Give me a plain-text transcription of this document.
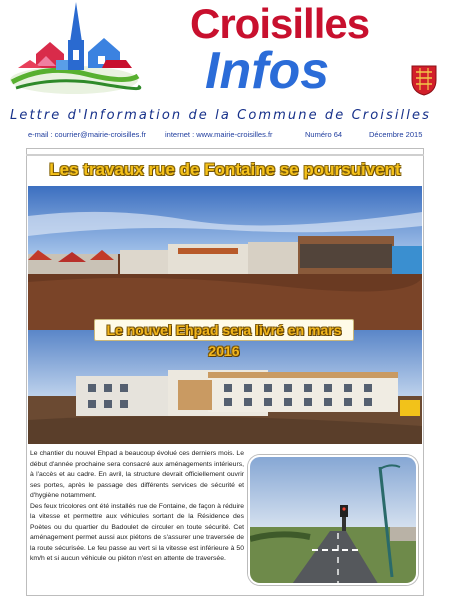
Croisilles
Infos
Lettre d'Information de la Commune de Croisilles
e-mail : courrier@mairie-croisilles.fr	internet : www.mairie-croisilles.fr	Numéro 64	Décembre 2015
Les travaux rue de Fontaine se poursuivent
Le nouvel Ehpad sera livré en mars 2016

Le chantier du nouvel Ehpad a beaucoup évolué ces derniers mois. Le début d'année prochaine sera consacré aux aménagements intérieurs, à l'accès et au cadre. En avril, la structure devrait officiellement ouvrir ses portes, après le passage des différents services de sécurité et d'hygiène notamment.

Des feux tricolores ont été installés rue de Fontaine, de façon à réduire la vitesse et permettre aux véhicules sortant de la Résidence des Poètes ou du quartier du Badoulet de circuler en toute sécurité. Cet aménagement permet aussi aux piétons de s'assurer une traversée de la route sécurisée. Le feu passe au vert si la vitesse est inférieure à 50 km/h et si aucun véhicule ou piéton n'est en attente de traversée.
